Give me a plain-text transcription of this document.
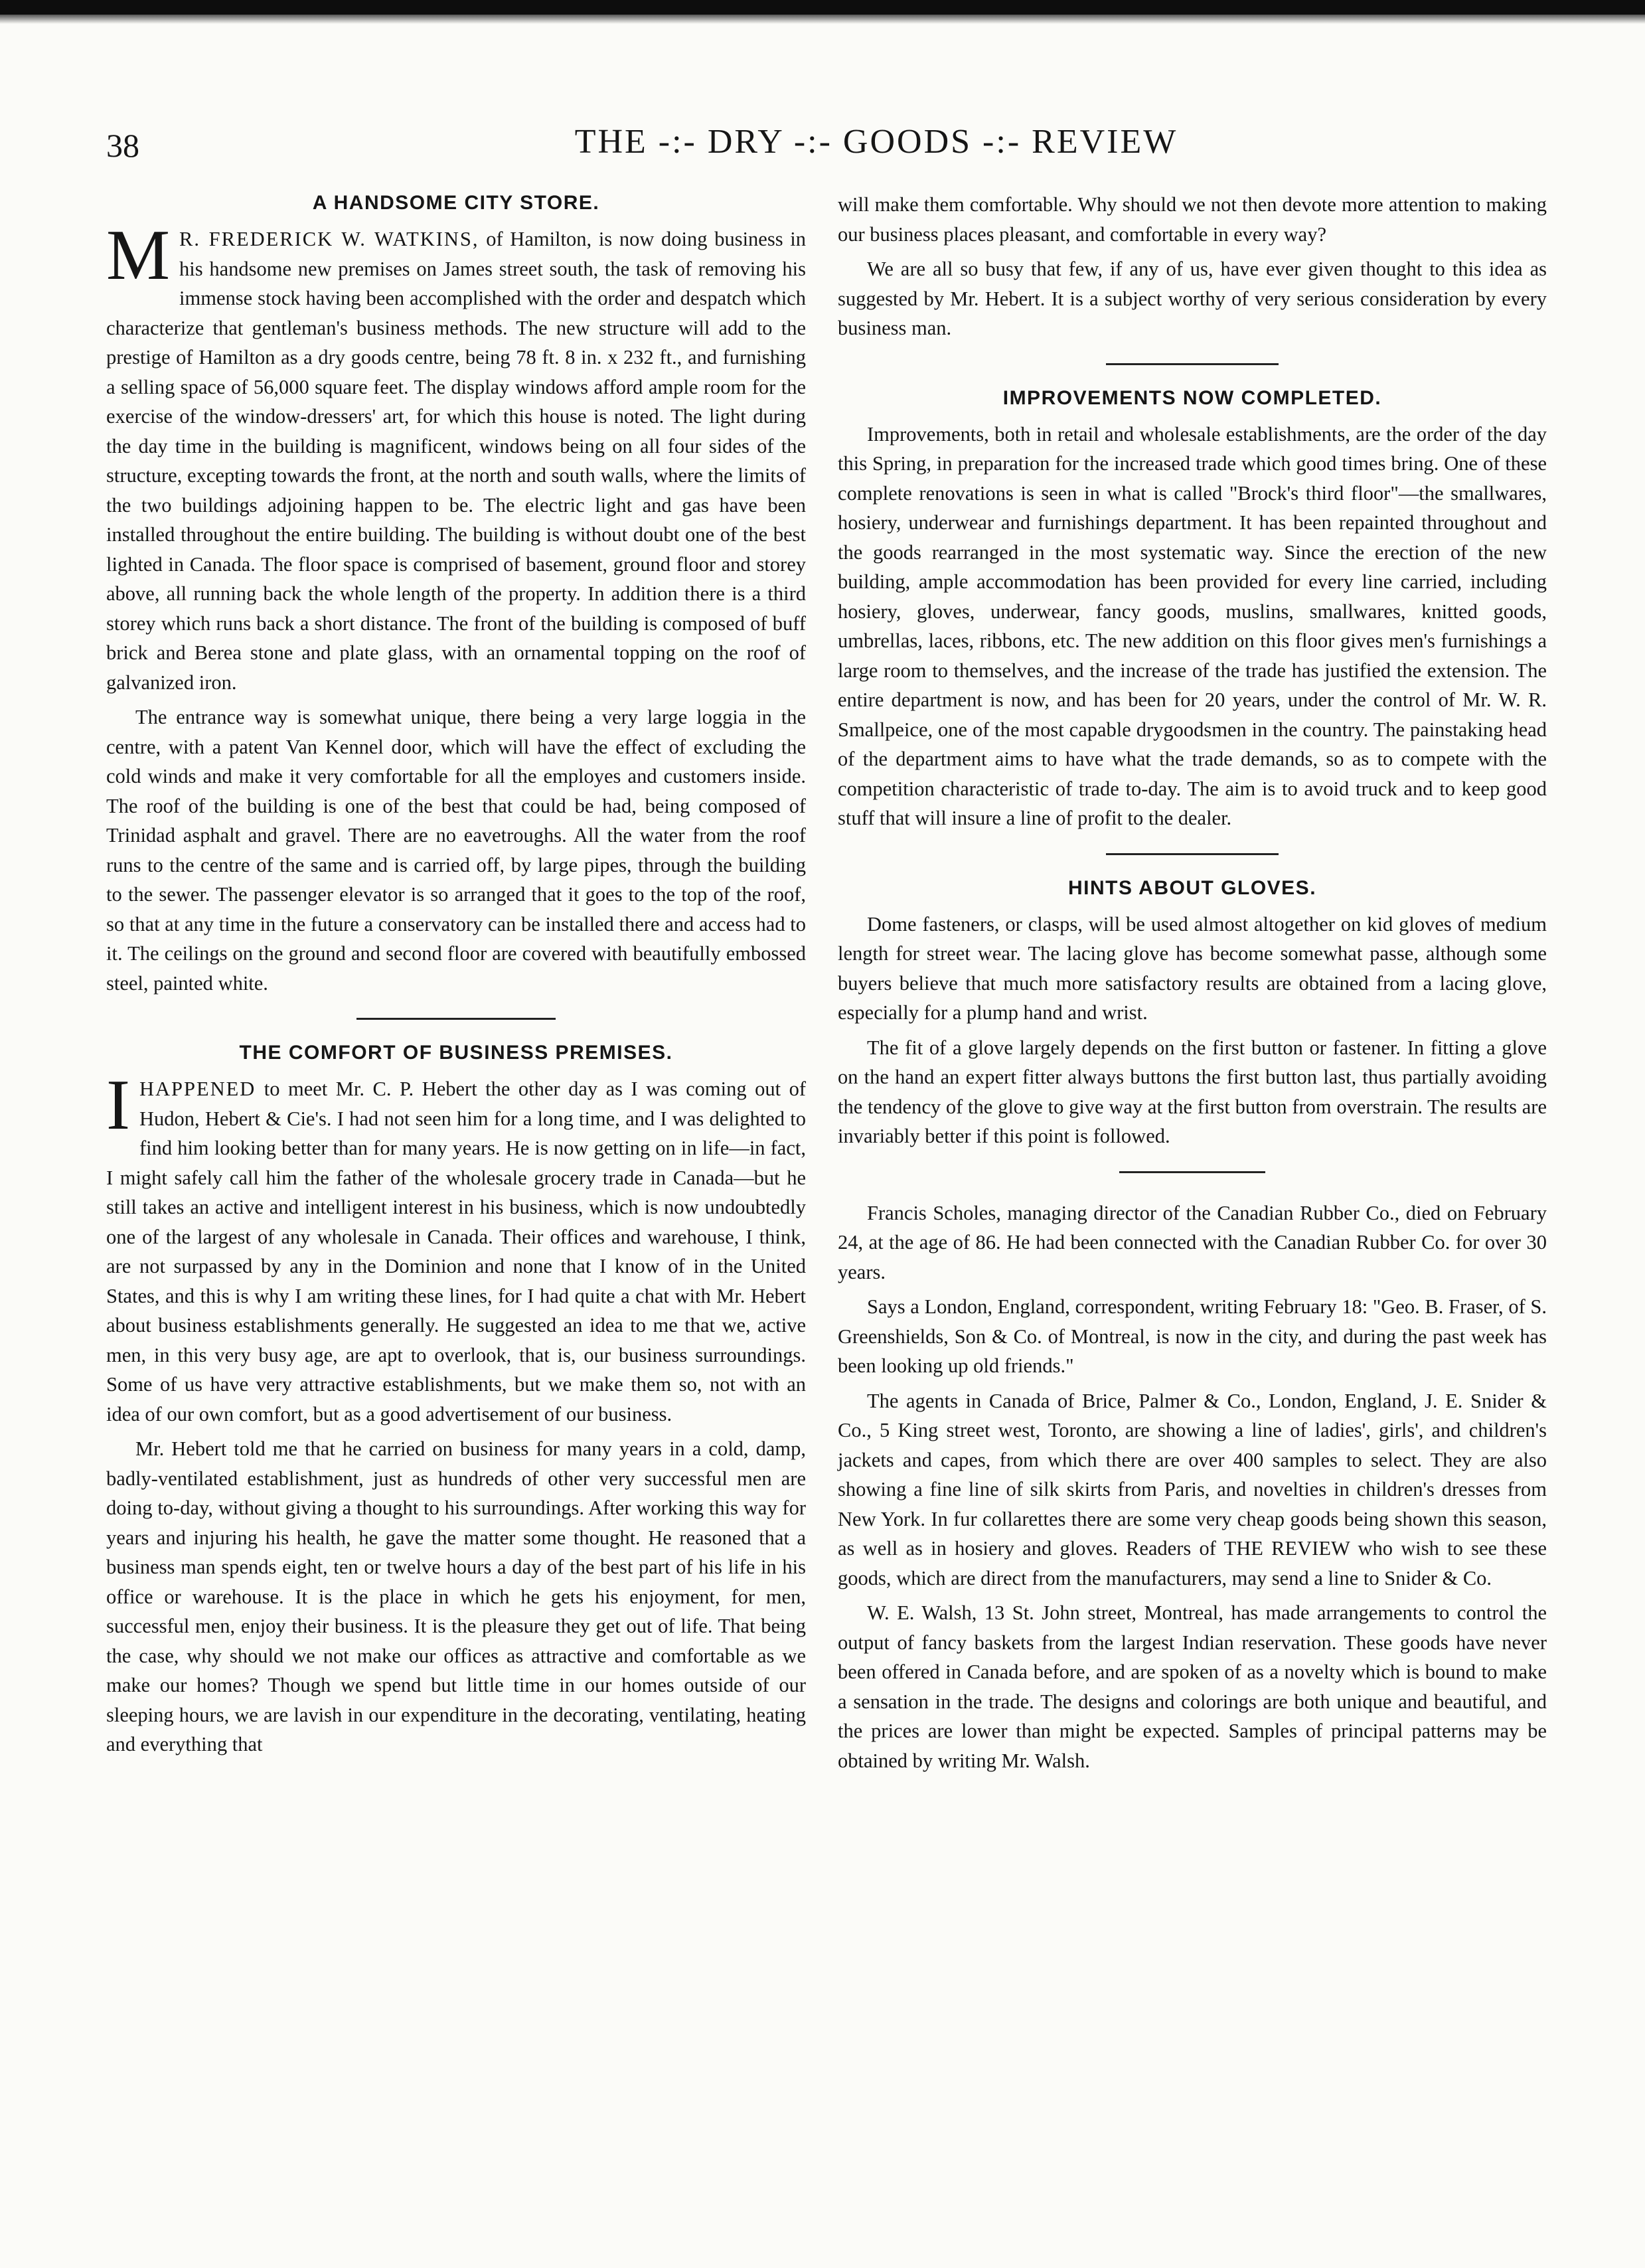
38	THE -:- DRY -:- GOODS -:- REVIEW
A HANDSOME CITY STORE.

M R. FREDERICK W. WATKINS, of Hamilton, is now doing business in his handsome new premises on James street south, the task of removing his immense stock having been accomplished with the order and despatch which characterize that gentleman's business methods. The new structure will add to the prestige of Hamilton as a dry goods centre, being 78 ft. 8 in. x 232 ft., and furnishing a selling space of 56,000 square feet. The display windows afford ample room for the exercise of the window-dressers' art, for which this house is noted. The light during the day time in the building is magnificent, windows being on all four sides of the structure, excepting towards the front, at the north and south walls, where the limits of the two buildings adjoining happen to be. The electric light and gas have been installed throughout the entire building. The building is without doubt one of the best lighted in Canada. The floor space is comprised of basement, ground floor and storey above, all running back the whole length of the property. In addition there is a third storey which runs back a short distance. The front of the building is composed of buff brick and Berea stone and plate glass, with an ornamental topping on the roof of galvanized iron.

The entrance way is somewhat unique, there being a very large loggia in the centre, with a patent Van Kennel door, which will have the effect of excluding the cold winds and make it very comfortable for all the employes and customers inside. The roof of the building is one of the best that could be had, being composed of Trinidad asphalt and gravel. There are no eavetroughs. All the water from the roof runs to the centre of the same and is carried off, by large pipes, through the building to the sewer. The passenger elevator is so arranged that it goes to the top of the roof, so that at any time in the future a conservatory can be installed there and access had to it. The ceilings on the ground and second floor are covered with beautifully embossed steel, painted white.

THE COMFORT OF BUSINESS PREMISES.

IHAPPENED to meet Mr. C. P. Hebert the other day as I was coming out of Hudon, Hebert & Cie's. I had not seen him for a long time, and I was delighted to find him looking better than for many years. He is now getting on in life—in fact, I might safely call him the father of the wholesale grocery trade in Canada—but he still takes an active and intelligent interest in his business, which is now undoubtedly one of the largest of any wholesale in Canada. Their offices and warehouse, I think, are not surpassed by any in the Dominion and none that I know of in the United States, and this is why I am writing these lines, for I had quite a chat with Mr. Hebert about business establishments generally. He suggested an idea to me that we, active men, in this very busy age, are apt to overlook, that is, our business surroundings. Some of us have very attractive establishments, but we make them so, not with an idea of our own comfort, but as a good advertisement of our business.

Mr. Hebert told me that he carried on business for many years in a cold, damp, badly-ventilated establishment, just as hundreds of other very successful men are doing to-day, without giving a thought to his surroundings. After working this way for years and injuring his health, he gave the matter some thought. He reasoned that a business man spends eight, ten or twelve hours a day of the best part of his life in his office or warehouse. It is the place in which he gets his enjoyment, for men, successful men, enjoy their business. It is the pleasure they get out of life. That being the case, why should we not make our offices as attractive and comfortable as we make our homes? Though we spend but little time in our homes outside of our sleeping hours, we are lavish in our expenditure in the decorating, ventilating, heating and everything that

will make them comfortable. Why should we not then devote more attention to making our business places pleasant, and comfortable in every way?

We are all so busy that few, if any of us, have ever given thought to this idea as suggested by Mr. Hebert. It is a subject worthy of very serious consideration by every business man.

IMPROVEMENTS NOW COMPLETED.

Improvements, both in retail and wholesale establishments, are the order of the day this Spring, in preparation for the increased trade which good times bring. One of these complete renovations is seen in what is called "Brock's third floor"—the smallwares, hosiery, underwear and furnishings department. It has been repainted throughout and the goods rearranged in the most systematic way. Since the erection of the new building, ample accommodation has been provided for every line carried, including hosiery, gloves, underwear, fancy goods, muslins, smallwares, knitted goods, umbrellas, laces, ribbons, etc. The new addition on this floor gives men's furnishings a large room to themselves, and the increase of the trade has justified the extension. The entire department is now, and has been for 20 years, under the control of Mr. W. R. Smallpeice, one of the most capable drygoodsmen in the country. The painstaking head of the department aims to have what the trade demands, so as to compete with the competition characteristic of trade to-day. The aim is to avoid truck and to keep good stuff that will insure a line of profit to the dealer.

HINTS ABOUT GLOVES.

Dome fasteners, or clasps, will be used almost altogether on kid gloves of medium length for street wear. The lacing glove has become somewhat passe, although some buyers believe that much more satisfactory results are obtained from a lacing glove, especially for a plump hand and wrist.

The fit of a glove largely depends on the first button or fastener. In fitting a glove on the hand an expert fitter always buttons the first button last, thus partially avoiding the tendency of the glove to give way at the first button from overstrain. The results are invariably better if this point is followed.

Francis Scholes, managing director of the Canadian Rubber Co., died on February 24, at the age of 86. He had been connected with the Canadian Rubber Co. for over 30 years.

Says a London, England, correspondent, writing February 18: "Geo. B. Fraser, of S. Greenshields, Son & Co. of Montreal, is now in the city, and during the past week has been looking up old friends."

The agents in Canada of Brice, Palmer & Co., London, England, J. E. Snider & Co., 5 King street west, Toronto, are showing a line of ladies', girls', and children's jackets and capes, from which there are over 400 samples to select. They are also showing a fine line of silk skirts from Paris, and novelties in children's dresses from New York. In fur collarettes there are some very cheap goods being shown this season, as well as in hosiery and gloves. Readers of THE REVIEW who wish to see these goods, which are direct from the manufacturers, may send a line to Snider & Co.

W. E. Walsh, 13 St. John street, Montreal, has made arrangements to control the output of fancy baskets from the largest Indian reservation. These goods have never been offered in Canada before, and are spoken of as a novelty which is bound to make a sensation in the trade. The designs and colorings are both unique and beautiful, and the prices are lower than might be expected. Samples of principal patterns may be obtained by writing Mr. Walsh.
